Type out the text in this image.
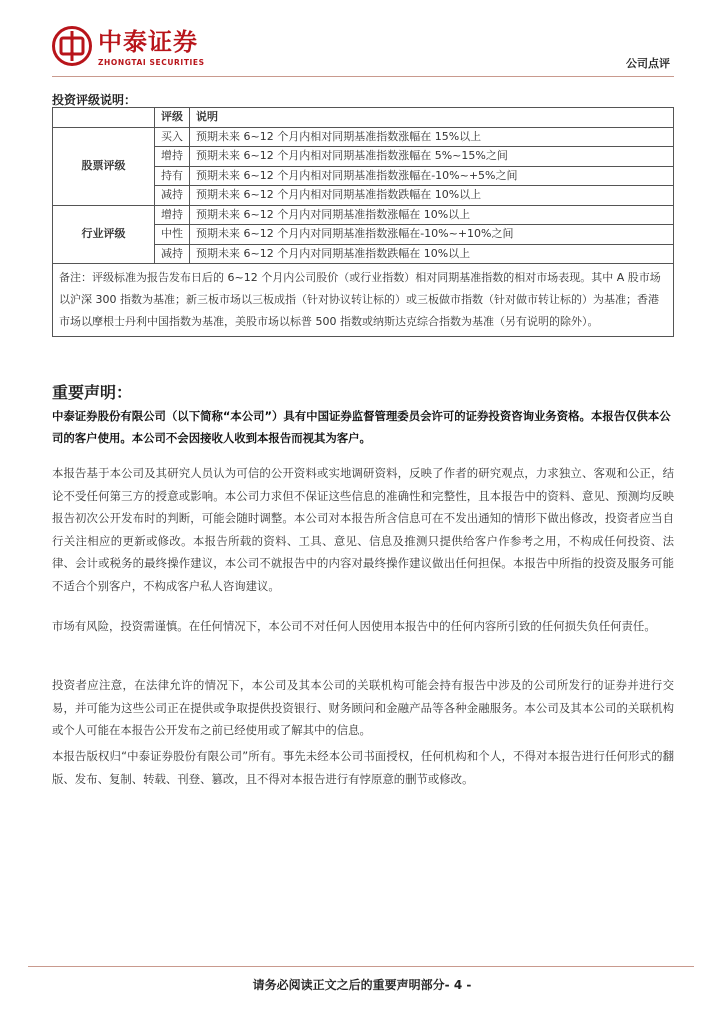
中泰证券
ZHONGTAI SECURITIES	公司点评
投资评级说明：
	评级	说明
股票评级	买入	预期未来 6~12 个月内相对同期基准指数涨幅在 15%以上
	增持	预期未来 6~12 个月内相对同期基准指数涨幅在 5%~15%之间
	持有	预期未来 6~12 个月内相对同期基准指数涨幅在-10%~+5%之间
	减持	预期未来 6~12 个月内相对同期基准指数跌幅在 10%以上
行业评级	增持	预期未来 6~12 个月内对同期基准指数涨幅在 10%以上
	中性	预期未来 6~12 个月内对同期基准指数涨幅在-10%~+10%之间
	减持	预期未来 6~12 个月内对同期基准指数跌幅在 10%以上
备注：评级标准为报告发布日后的 6~12 个月内公司股价（或行业指数）相对同期基准指数的相对市场表现。其中 A 股市场以沪深 300 指数为基准；新三板市场以三板成指（针对协议转让标的）或三板做市指数（针对做市转让标的）为基准；香港市场以摩根士丹利中国指数为基准，美股市场以标普 500 指数或纳斯达克综合指数为基准（另有说明的除外）。		
重要声明：
中泰证券股份有限公司（以下简称“本公司”）具有中国证券监督管理委员会许可的证券投资咨询业务资格。本报告仅供本公司的客户使用。本公司不会因接收人收到本报告而视其为客户。
本报告基于本公司及其研究人员认为可信的公开资料或实地调研资料，反映了作者的研究观点，力求独立、客观和公正，结论不受任何第三方的授意或影响。本公司力求但不保证这些信息的准确性和完整性，且本报告中的资料、意见、预测均反映报告初次公开发布时的判断，可能会随时调整。本公司对本报告所含信息可在不发出通知的情形下做出修改，投资者应当自行关注相应的更新或修改。本报告所载的资料、工具、意见、信息及推测只提供给客户作参考之用，不构成任何投资、法律、会计或税务的最终操作建议，本公司不就报告中的内容对最终操作建议做出任何担保。本报告中所指的投资及服务可能不适合个别客户，不构成客户私人咨询建议。
市场有风险，投资需谨慎。在任何情况下，本公司不对任何人因使用本报告中的任何内容所引致的任何损失负任何责任。
投资者应注意，在法律允许的情况下，本公司及其本公司的关联机构可能会持有报告中涉及的公司所发行的证券并进行交易，并可能为这些公司正在提供或争取提供投资银行、财务顾问和金融产品等各种金融服务。本公司及其本公司的关联机构或个人可能在本报告公开发布之前已经使用或了解其中的信息。
本报告版权归“中泰证券股份有限公司”所有。事先未经本公司书面授权，任何机构和个人，不得对本报告进行任何形式的翻版、发布、复制、转载、刊登、篡改，且不得对本报告进行有悖原意的删节或修改。
请务必阅读正文之后的重要声明部分- 4 -
